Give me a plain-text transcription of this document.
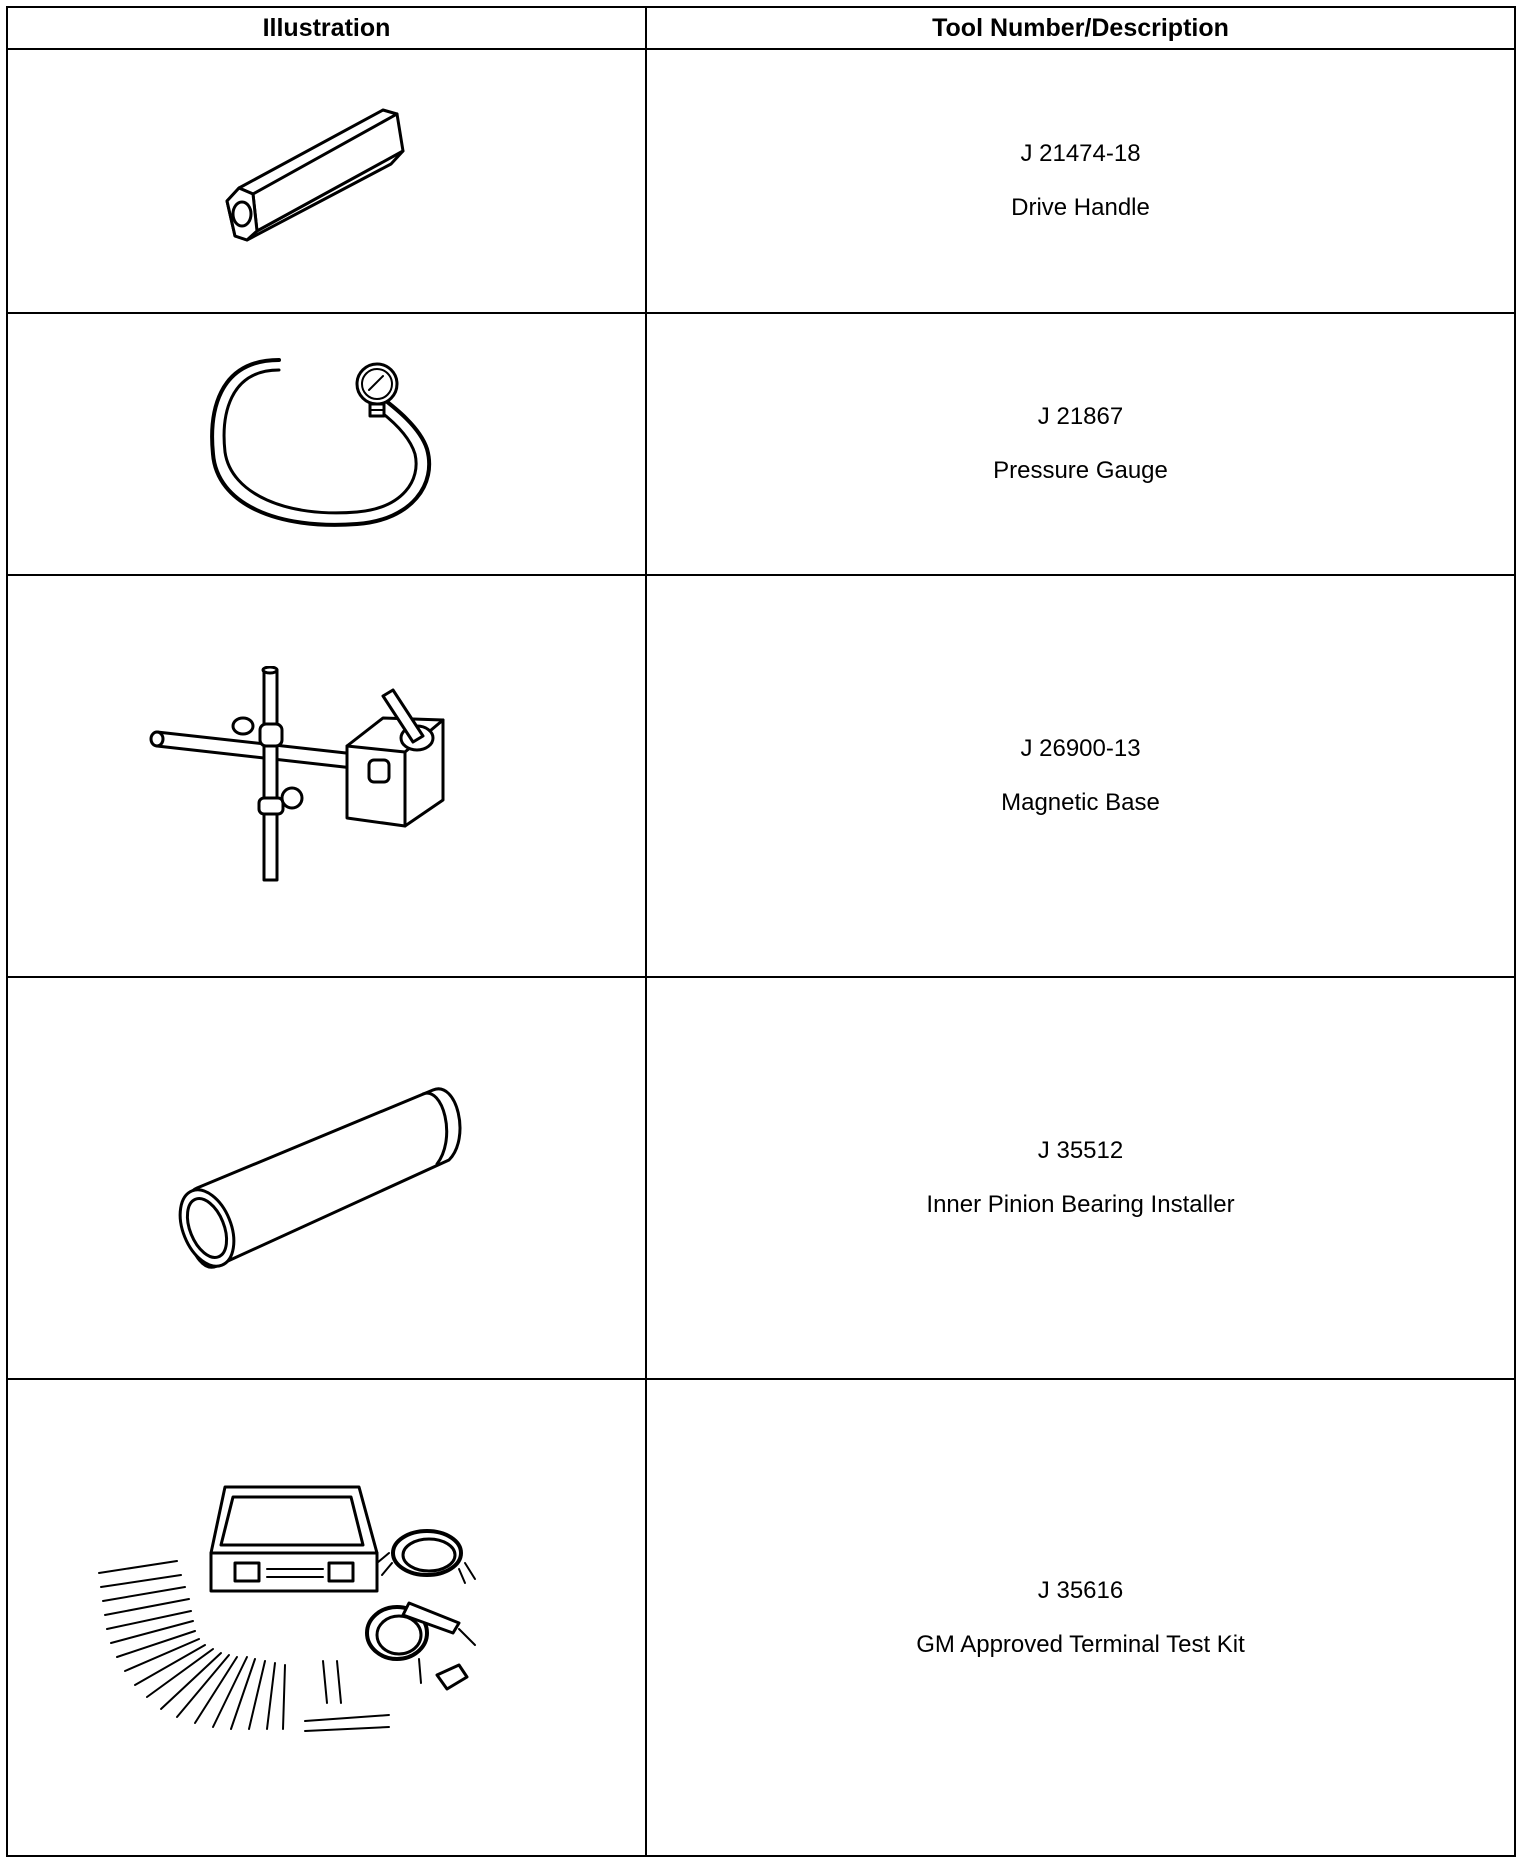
Illustration	Tool Number/Description

J 21474-18
Drive Handle

J 21867
Pressure Gauge

J 26900-13
Magnetic Base

J 35512
Inner Pinion Bearing Installer

J 35616
GM Approved Terminal Test Kit
